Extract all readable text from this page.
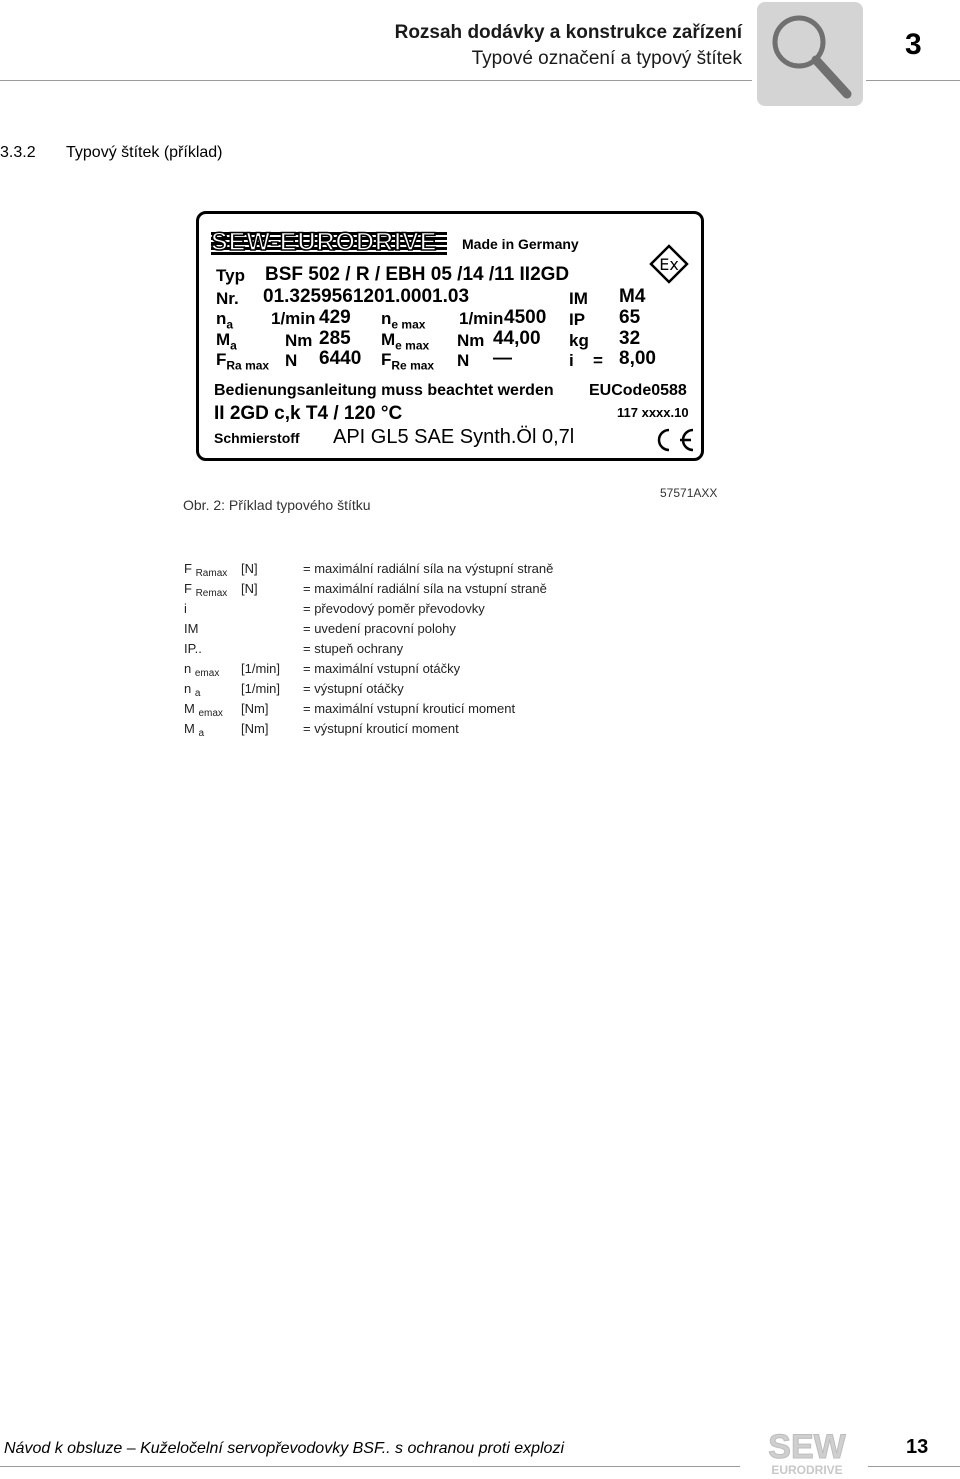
Rozsah dodávky a konstrukce zařízení
Typové označení a typový štítek	3
3.3.2 Typový štítek (příklad)
SEW-EURODRIVE Made in Germany
Ex
Typ BSF 502 / R / EBH 05 /14 /11 II2GD
Nr. 01.3259561201.0001.03	IM M4
$n_a$ 1/min 429 $n_{e max}$ 1/min 4500 IP 65
$M_a$	Nm 285 $M_{e max}$ Nm 44,00 kg 32
$F_{Ra max}$ N 6440 $F_{Re max}$ N —	i = 8,00
Bedienungsanleitung muss beachtet werden EUCode0588
II 2GD c,k T4 / 120 °C	117 xxxx.10
Schmierstoff API GL5 SAE Synth.Öl 0,7l
Obr. 2: Příklad typového štítku
57571AXX
F $_{Ramax}$ [N]	= maximální radiální síla na výstupní straně
F $_{Remax}$ [N]	= maximální radiální síla na vstupní straně
i	= převodový poměr převodovky
IM	= uvedení pracovní polohy
IP..	= stupeň ochrany
n $_{emax}$ [1/min] = maximální vstupní otáčky
n $_a$	[1/min] = výstupní otáčky
M $_{emax}$ [Nm]	= maximální vstupní krouticí moment
M $_a$	[Nm]	= výstupní krouticí moment
Návod k obsluze – Kuželočelní servopřevodovky BSF.. s ochranou proti explozi	SEW
EURODRIVE
13
